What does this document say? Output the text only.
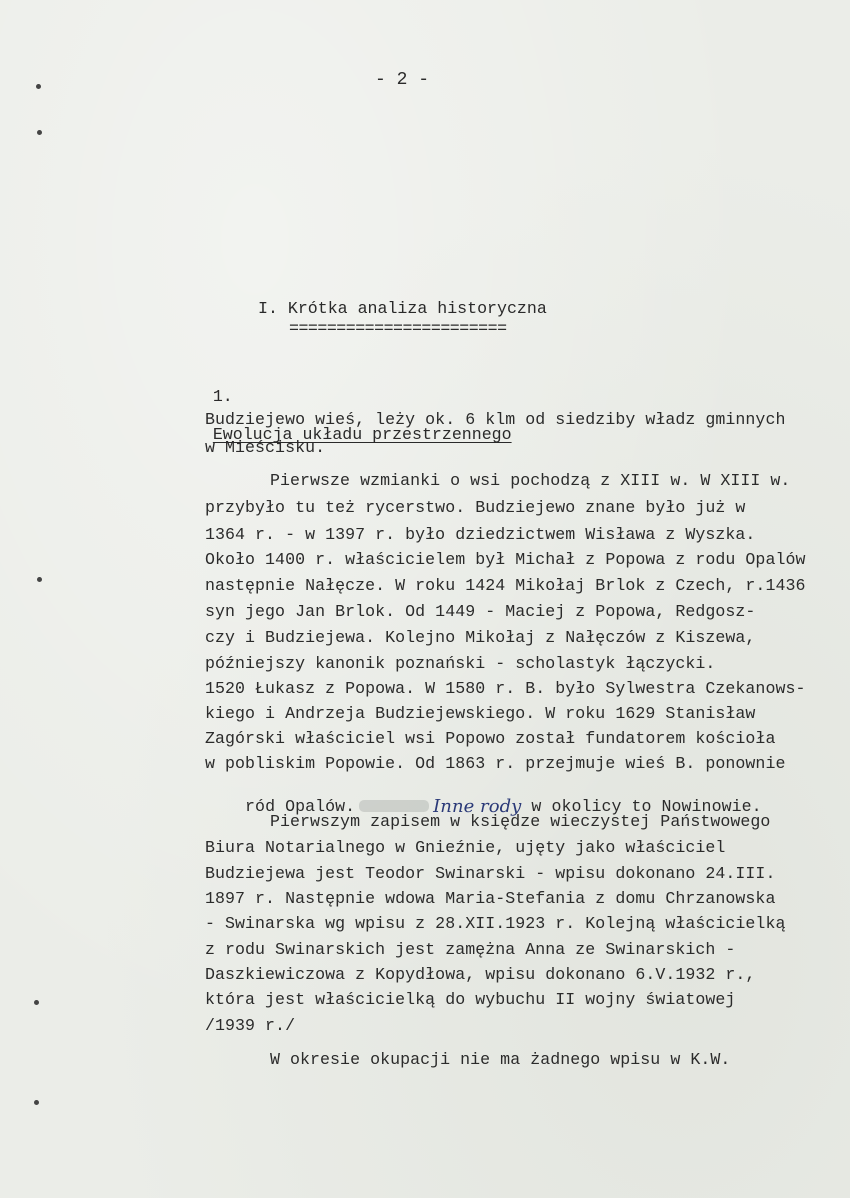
- 2 -
I. Krótka analiza historyczna
=======================

1.

Ewolucja układu przestrzennego

Budziejewo wieś, leży ok. 6 klm od siedziby władz gminnych
w Mieścisku.
Pierwsze wzmianki o wsi pochodzą z XIII w. W XIII w.
przybyło tu też rycerstwo. Budziejewo znane było już w
1364 r. - w 1397 r. było dziedzictwem Wisława z Wyszka.
Około 1400 r. właścicielem był Michał z Popowa z rodu Opalów
następnie Nałęcze. W roku 1424 Mikołaj Brlok z Czech, r.1436
syn jego Jan Brlok. Od 1449 - Maciej z Popowa, Redgosz-
czy i Budziejewa. Kolejno Mikołaj z Nałęczów z Kiszewa,
późniejszy kanonik poznański - scholastyk łączycki.
1520 Łukasz z Popowa. W 1580 r. B. było Sylwestra Czekanows-
kiego i Andrzeja Budziejewskiego. W roku 1629 Stanisław
Zagórski właściciel wsi Popowo został fundatorem kościoła
w pobliskim Popowie. Od 1863 r. przejmuje wieś B. ponownie

ród Opalów.	Inne rody w okolicy to Nowinowie.

Pierwszym zapisem w księdze wieczystej Państwowego
Biura Notarialnego w Gnieźnie, ujęty jako właściciel
Budziejewa jest Teodor Swinarski - wpisu dokonano 24.III.
1897 r. Następnie wdowa Maria-Stefania z domu Chrzanowska
- Swinarska wg wpisu z 28.XII.1923 r. Kolejną właścicielką
z rodu Swinarskich jest zamężna Anna ze Swinarskich -
Daszkiewiczowa z Kopydłowa, wpisu dokonano 6.V.1932 r.,
która jest właścicielką do wybuchu II wojny światowej
/1939 r./
W okresie okupacji nie ma żadnego wpisu w K.W.
